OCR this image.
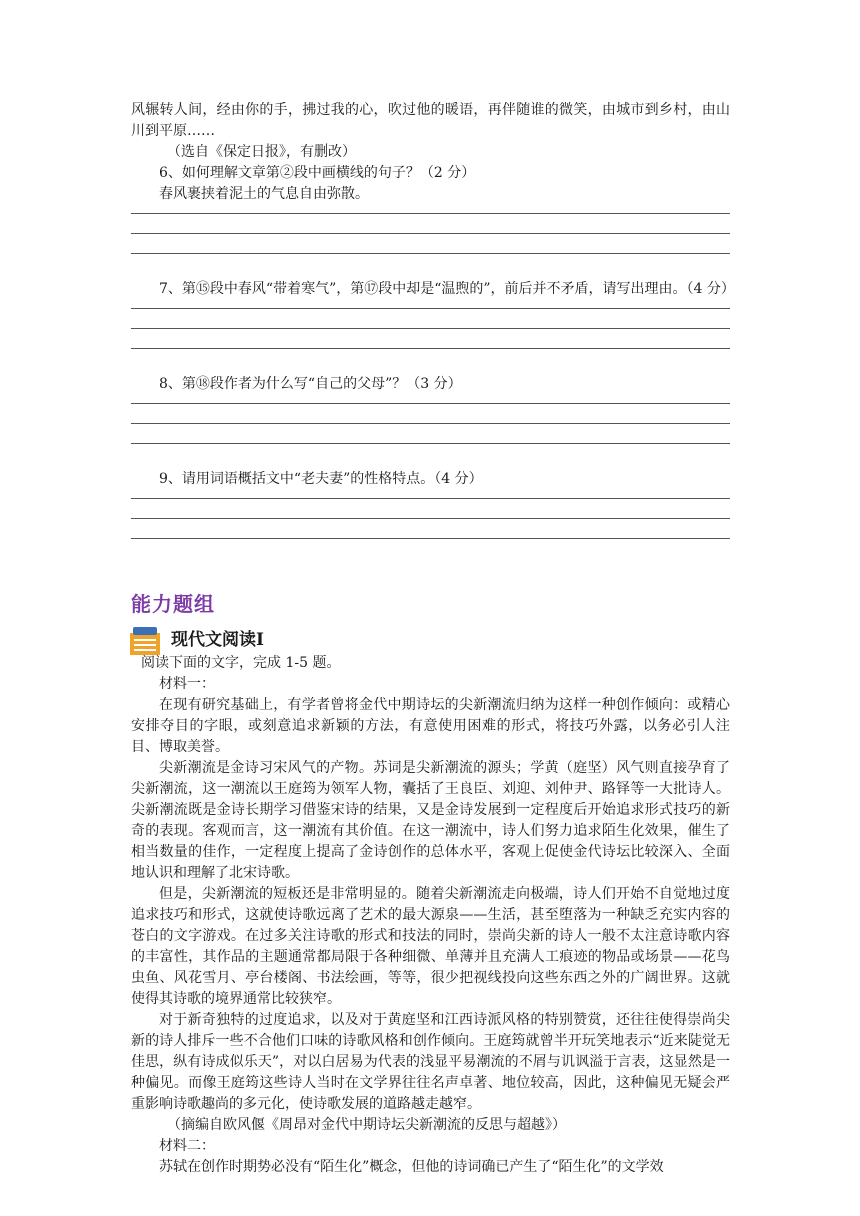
风辗转人间，经由你的手，拂过我的心，吹过他的暖语，再伴随谁的微笑，由城市到乡村，由山川到平原……

（选自《保定日报》，有删改）

6、如何理解文章第②段中画横线的句子？（2 分）

春风裹挟着泥土的气息自由弥散。

7、第⑮段中春风“带着寒气”，第⑰段中却是“温煦的”，前后并不矛盾，请写出理由。（4 分）

8、第⑱段作者为什么写“自己的父母”？（3 分）

9、请用词语概括文中“老夫妻”的性格特点。（4 分）

能力题组
现代文阅读Ⅰ

阅读下面的文字，完成 1-5 题。

材料一：

在现有研究基础上，有学者曾将金代中期诗坛的尖新潮流归纳为这样一种创作倾向：或精心安排夺目的字眼，或刻意追求新颖的方法，有意使用困难的形式，将技巧外露，以务必引人注目、博取美誉。

尖新潮流是金诗习宋风气的产物。苏词是尖新潮流的源头；学黄（庭坚）风气则直接孕育了尖新潮流，这一潮流以王庭筠为领军人物，囊括了王良臣、刘迎、刘仲尹、路铎等一大批诗人。尖新潮流既是金诗长期学习借鉴宋诗的结果，又是金诗发展到一定程度后开始追求形式技巧的新奇的表现。客观而言，这一潮流有其价值。在这一潮流中，诗人们努力追求陌生化效果，催生了相当数量的佳作，一定程度上提高了金诗创作的总体水平，客观上促使金代诗坛比较深入、全面地认识和理解了北宋诗歌。

但是，尖新潮流的短板还是非常明显的。随着尖新潮流走向极端，诗人们开始不自觉地过度追求技巧和形式，这就使诗歌远离了艺术的最大源泉——生活，甚至堕落为一种缺乏充实内容的苍白的文字游戏。在过多关注诗歌的形式和技法的同时，崇尚尖新的诗人一般不太注意诗歌内容的丰富性，其作品的主题通常都局限于各种细微、单薄并且充满人工痕迹的物品或场景——花鸟虫鱼、风花雪月、亭台楼阁、书法绘画，等等，很少把视线投向这些东西之外的广阔世界。这就使得其诗歌的境界通常比较狭窄。

对于新奇独特的过度追求，以及对于黄庭坚和江西诗派风格的特别赞赏，还往往使得崇尚尖新的诗人排斥一些不合他们口味的诗歌风格和创作倾向。王庭筠就曾半开玩笑地表示“近来陡觉无佳思，纵有诗成似乐天”，对以白居易为代表的浅显平易潮流的不屑与讥讽溢于言表，这显然是一种偏见。而像王庭筠这些诗人当时在文学界往往名声卓著、地位较高，因此，这种偏见无疑会严重影响诗歌趣尚的多元化，使诗歌发展的道路越走越窄。

（摘编自欧风偃《周昂对金代中期诗坛尖新潮流的反思与超越》）

材料二：

苏轼在创作时期势必没有“陌生化”概念，但他的诗词确已产生了“陌生化”的文学效
